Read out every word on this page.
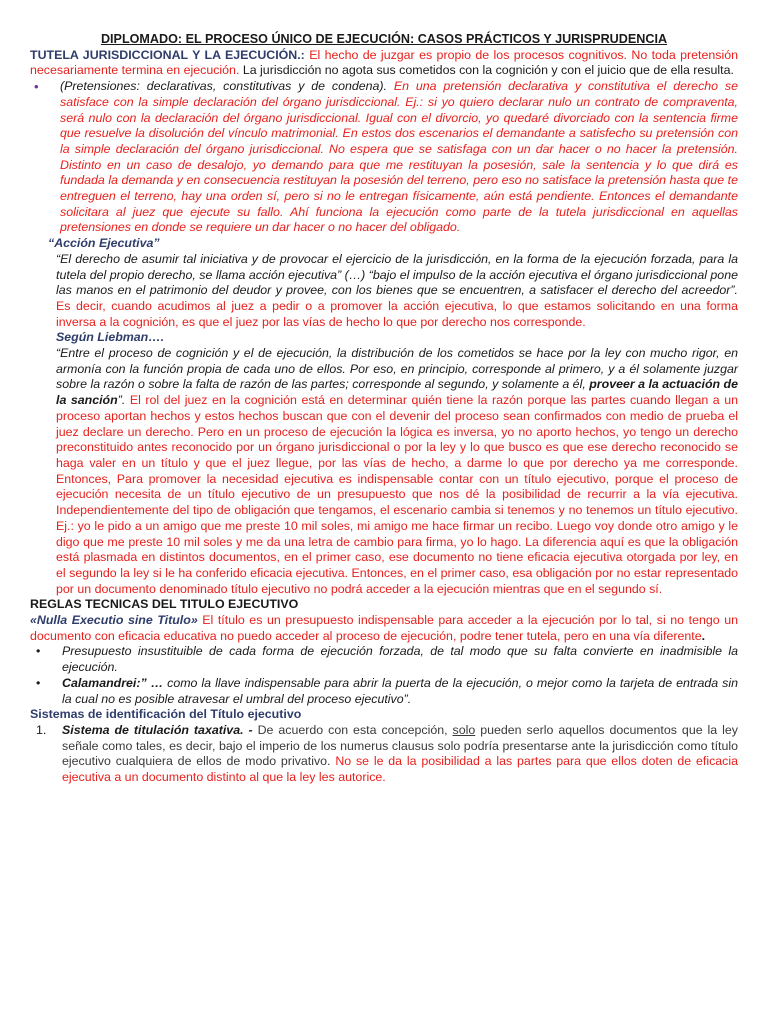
DIPLOMADO: EL PROCESO ÚNICO DE EJECUCIÓN: CASOS PRÁCTICOS Y JURISPRUDENCIA

TUTELA JURISDICCIONAL Y LA EJECUCIÓN.: El hecho de juzgar es propio de los procesos cognitivos. No toda pretensión necesariamente termina en ejecución. La jurisdicción no agota sus cometidos con la cognición y con el juicio que de ella resulta.

•	(Pretensiones: declarativas, constitutivas y de condena). En una pretensión declarativa y constitutiva el derecho se satisface con la simple declaración del órgano jurisdiccional. Ej.: si yo quiero declarar nulo un contrato de compraventa, será nulo con la declaración del órgano jurisdiccional. Igual con el divorcio, yo quedaré divorciado con la sentencia firme que resuelve la disolución del vínculo matrimonial. En estos dos escenarios el demandante a satisfecho su pretensión con la simple declaración del órgano jurisdiccional. No espera que se satisfaga con un dar hacer o no hacer la pretensión. Distinto en un caso de desalojo, yo demando para que me restituyan la posesión, sale la sentencia y lo que dirá es fundada la demanda y en consecuencia restituyan la posesión del terreno, pero eso no satisface la pretensión hasta que te entreguen el terreno, hay una orden sí, pero si no le entregan físicamente, aún está pendiente. Entonces el demandante solicitara al juez que ejecute su fallo. Ahí funciona la ejecución como parte de la tutela jurisdiccional en aquellas pretensiones en donde se requiere un dar hacer o no hacer del obligado.

“Acción Ejecutiva”

“El derecho de asumir tal iniciativa y de provocar el ejercicio de la jurisdicción, en la forma de la ejecución forzada, para la tutela del propio derecho, se llama acción ejecutiva” (…) “bajo el impulso de la acción ejecutiva el órgano jurisdiccional pone las manos en el patrimonio del deudor y provee, con los bienes que se encuentren, a satisfacer el derecho del acreedor”. Es decir, cuando acudimos al juez a pedir o a promover la acción ejecutiva, lo que estamos solicitando en una forma inversa a la cognición, es que el juez por las vías de hecho lo que por derecho nos corresponde.

Según Liebman….

“Entre el proceso de cognición y el de ejecución, la distribución de los cometidos se hace por la ley con mucho rigor, en armonía con la función propia de cada uno de ellos. Por eso, en principio, corresponde al primero, y a él solamente juzgar sobre la razón o sobre la falta de razón de las partes; corresponde al segundo, y solamente a él, proveer a la actuación de la sanción”. El rol del juez en la cognición está en determinar quién tiene la razón porque las partes cuando llegan a un proceso aportan hechos y estos hechos buscan que con el devenir del proceso sean confirmados con medio de prueba el juez declare un derecho. Pero en un proceso de ejecución la lógica es inversa, yo no aporto hechos, yo tengo un derecho preconstituido antes reconocido por un órgano jurisdiccional o por la ley y lo que busco es que ese derecho reconocido se haga valer en un título y que el juez llegue, por las vías de hecho, a darme lo que por derecho ya me corresponde. Entonces, Para promover la necesidad ejecutiva es indispensable contar con un título ejecutivo, porque el proceso de ejecución necesita de un título ejecutivo de un presupuesto que nos dé la posibilidad de recurrir a la vía ejecutiva. Independientemente del tipo de obligación que tengamos, el escenario cambia si tenemos y no tenemos un título ejecutivo. Ej.: yo le pido a un amigo que me preste 10 mil soles, mi amigo me hace firmar un recibo. Luego voy donde otro amigo y le digo que me preste 10 mil soles y me da una letra de cambio para firma, yo lo hago. La diferencia aquí es que la obligación está plasmada en distintos documentos, en el primer caso, ese documento no tiene eficacia ejecutiva otorgada por ley, en el segundo la ley si le ha conferido eficacia ejecutiva. Entonces, en el primer caso, esa obligación por no estar representado por un documento denominado título ejecutivo no podrá acceder a la ejecución mientras que en el segundo sí.

REGLAS TECNICAS DEL TITULO EJECUTIVO

«Nulla Executio sine Titulo» El título es un presupuesto indispensable para acceder a la ejecución por lo tal, si no tengo un documento con eficacia educativa no puedo acceder al proceso de ejecución, podre tener tutela, pero en una vía diferente.

•	Presupuesto insustituible de cada forma de ejecución forzada, de tal modo que su falta convierte en inadmisible la ejecución.

•	Calamandrei:” … como la llave indispensable para abrir la puerta de la ejecución, o mejor como la tarjeta de entrada sin la cual no es posible atravesar el umbral del proceso ejecutivo”.

Sistemas de identificación del Título ejecutivo

1.	Sistema de titulación taxativa. - De acuerdo con esta concepción, solo pueden serlo aquellos documentos que la ley señale como tales, es decir, bajo el imperio de los numerus clausus solo podría presentarse ante la jurisdicción como título ejecutivo cualquiera de ellos de modo privativo. No se le da la posibilidad a las partes para que ellos doten de eficacia ejecutiva a un documento distinto al que la ley les autorice.
